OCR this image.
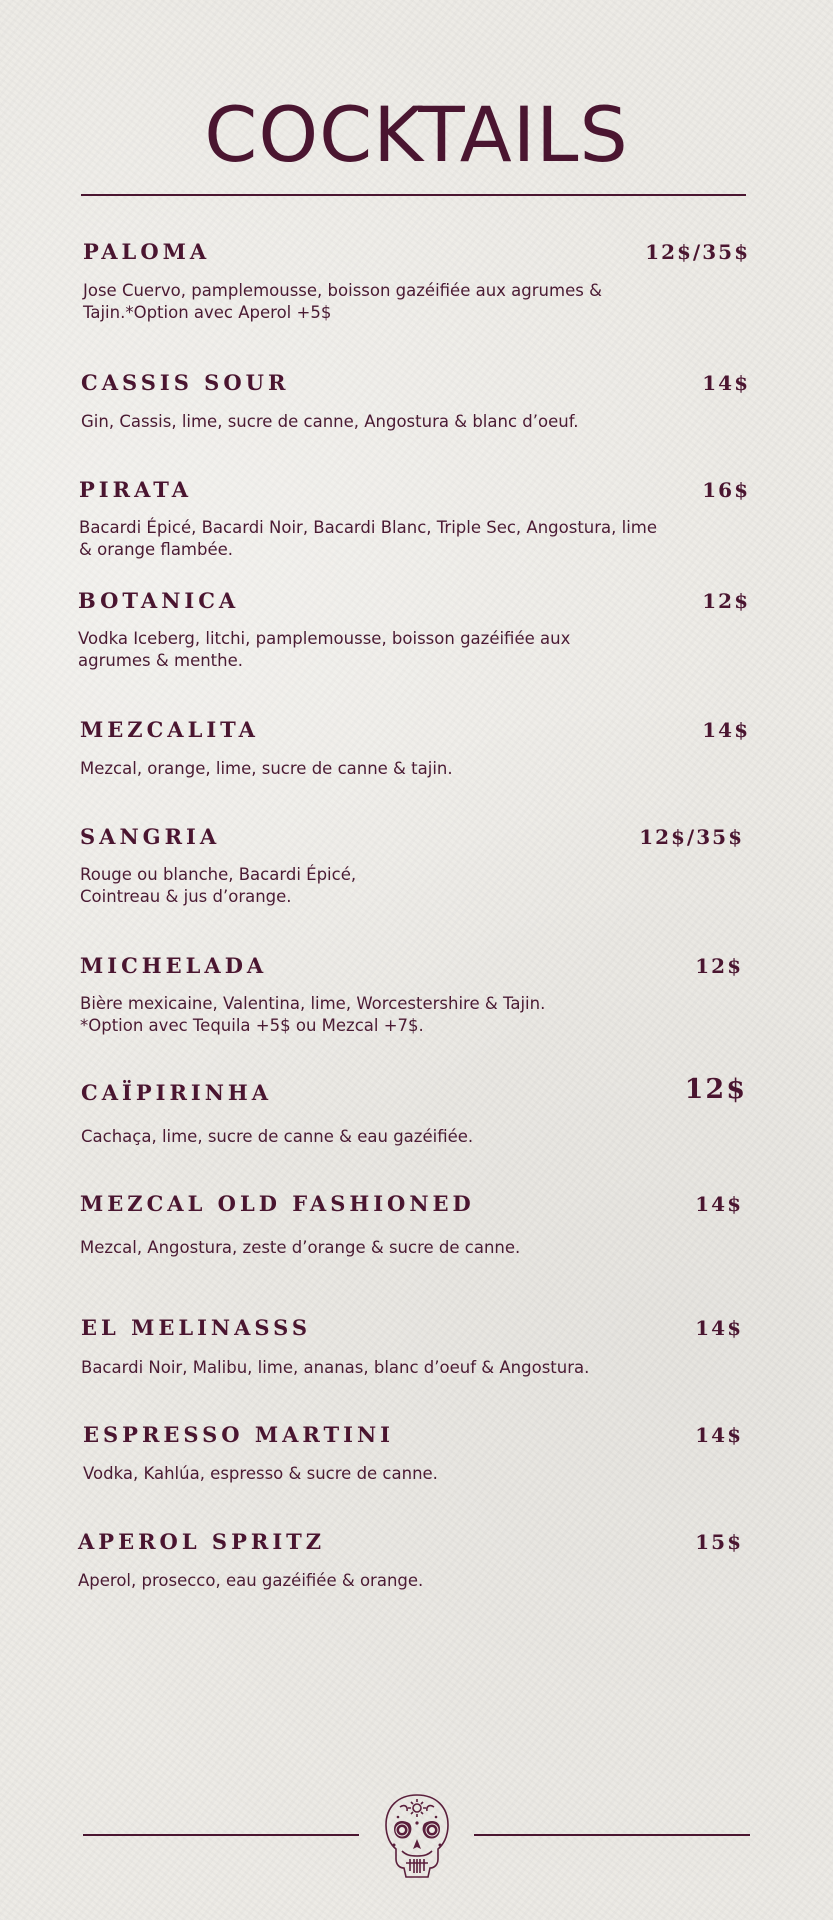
COCKTAILS
PALOMA	12$/35$
Jose Cuervo, pamplemousse, boisson gazéifiée aux agrumes &
Tajin.*Option avec Aperol +5$
CASSIS SOUR	14$
Gin, Cassis, lime, sucre de canne, Angostura & blanc d’oeuf.
PIRATA	16$
Bacardi Épicé, Bacardi Noir, Bacardi Blanc, Triple Sec, Angostura, lime
& orange flambée.
BOTANICA	12$
Vodka Iceberg, litchi, pamplemousse, boisson gazéifiée aux
agrumes & menthe.
MEZCALITA	14$
Mezcal, orange, lime, sucre de canne & tajin.
SANGRIA	12$/35$
Rouge ou blanche, Bacardi Épicé,
Cointreau & jus d’orange.
MICHELADA	12$
Bière mexicaine, Valentina, lime, Worcestershire & Tajin.
*Option avec Tequila +5$ ou Mezcal +7$.
CAÏPIRINHA	12$
Cachaça, lime, sucre de canne & eau gazéifiée.
MEZCAL OLD FASHIONED	14$
Mezcal, Angostura, zeste d’orange & sucre de canne.
EL MELINASSS	14$
Bacardi Noir, Malibu, lime, ananas, blanc d’oeuf & Angostura.
ESPRESSO MARTINI	14$
Vodka, Kahlúa, espresso & sucre de canne.
APEROL SPRITZ	15$
Aperol, prosecco, eau gazéifiée & orange.
